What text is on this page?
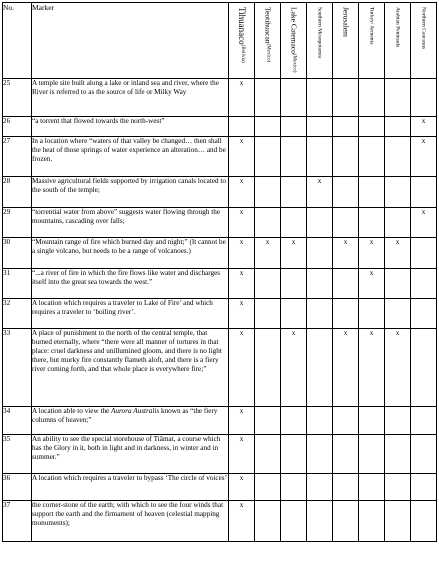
No.	Marker	Tihuanaco(Bolivia)	Teotihuacan(Mexico)	Lake Catemaco(Mexico)	Southern Mesopotamia	Jerusalem	Turkey/ Armenia	Arabian Peninsula	Northern Caucasus

25	A temple site built along a lake or inland sea and river, where the River is referred to as the source of life or Milky Way	x							
26	“a torrent that flowed towards the north-west”								x
27	In a location where “waters of that valley be changed… then shall the heat of those springs of water experience an alteration… and be frozen.	x							x
28	Massive agricultural fields supported by irrigation canals located to the south of the temple;	x			x				
29	“torrential water from above” suggests water flowing through the mountains, cascading over falls;	x							x
30	“Mountain range of fire which burned day and night;” (It cannot be a single volcano, but needs to be a range of volcanoes.)	x	x	x		x	x	x	
31	“...a river of fire in which the fire flows like water and discharges itself into the great sea towards the west.”	x					x		
32	A location which requires a traveler to Lake of Fire’ and which requires a traveler to ‘boiling river’.	x							
33	A place of punishment to the north of the central temple, that burned eternally, where “there were all manner of tortures in that place: cruel darkness and unillumined gloom, and there is no light there, but murky fire constantly flameth aloft, and there is a fiery river coming forth, and that whole place is everywhere fire;”	x		x		x	x	x	
34	A location able to view the Aurora Australis known as “the fiery columns of heaven;”	x							
35	An ability to see the special storehouse of Tiâmat, a course which has the Glory in it, both in light and in darkness, in winter and in summer.”	x							
36	A location which requires a traveler to bypass ‘The circle of voices’	x							
37	the corner-stone of the earth; with which to see the four winds that support the earth and the firmament of heaven (celestial mapping monuments);	x							
